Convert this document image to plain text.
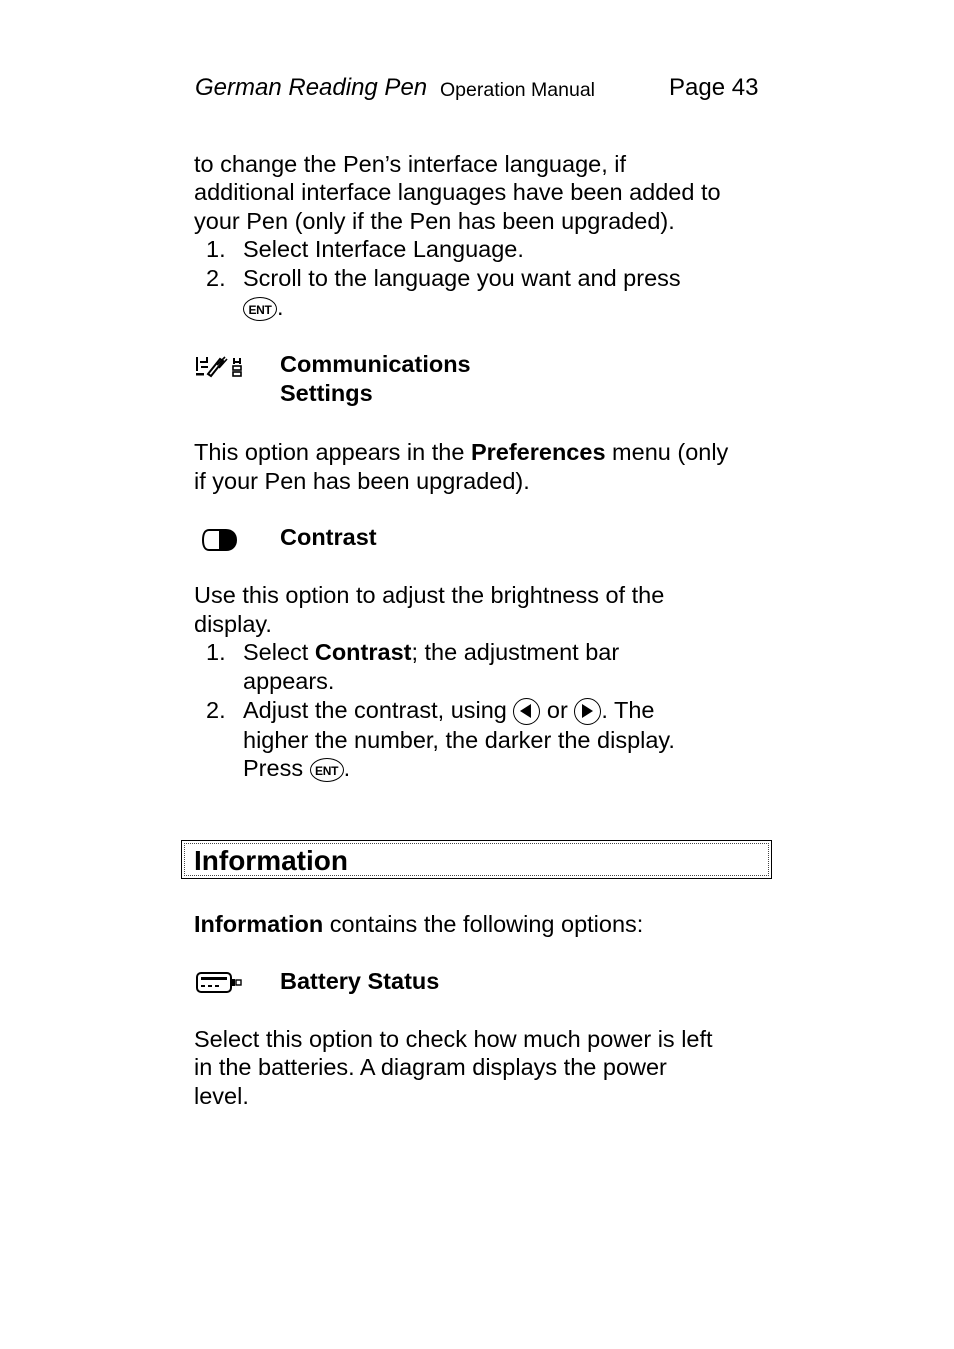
German Reading Pen Operation Manual	Page 43
to change the Pen’s interface language, if
additional interface languages have been added to
your Pen (only if the Pen has been upgraded).
1. Select Interface Language.
2. Scroll to the language you want and press
ENT .
Communications
Settings
This option appears in the Preferences menu (only
if your Pen has been upgraded).
Contrast
Use this option to adjust the brightness of the
display.
1. Select Contrast; the adjustment bar
appears.
2. Adjust the contrast, using
or
. The
higher the number, the darker the display.
Press ENT .
Information
Information contains the following options:
Battery Status
Select this option to check how much power is left
in the batteries. A diagram displays the power
level.
